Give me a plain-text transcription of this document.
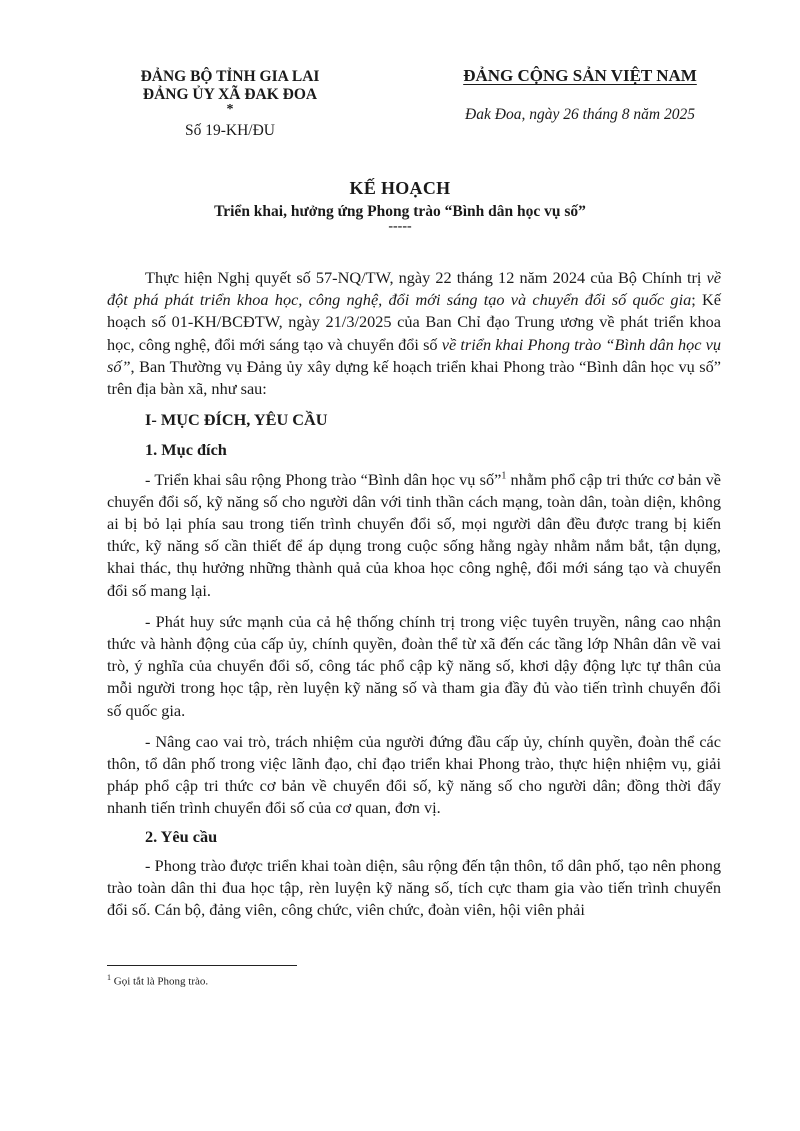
ĐẢNG BỘ TỈNH GIA LAI
ĐẢNG ỦY XÃ ĐAK ĐOA
*
Số 19-KH/ĐU
ĐẢNG CỘNG SẢN VIỆT NAM
Đak Đoa, ngày 26 tháng 8 năm 2025
KẾ HOẠCH
Triển khai, hưởng ứng Phong trào “Bình dân học vụ số”
-----

Thực hiện Nghị quyết số 57-NQ/TW, ngày 22 tháng 12 năm 2024 của Bộ Chính trị về đột phá phát triển khoa học, công nghệ, đổi mới sáng tạo và chuyển đổi số quốc gia; Kế hoạch số 01-KH/BCĐTW, ngày 21/3/2025 của Ban Chỉ đạo Trung ương về phát triển khoa học, công nghệ, đổi mới sáng tạo và chuyển đổi số về triển khai Phong trào “Bình dân học vụ số”, Ban Thường vụ Đảng ủy xây dựng kế hoạch triển khai Phong trào “Bình dân học vụ số” trên địa bàn xã, như sau:

I- MỤC ĐÍCH, YÊU CẦU
1. Mục đích

- Triển khai sâu rộng Phong trào “Bình dân học vụ số”$^1$ nhằm phổ cập tri thức cơ bản về chuyển đổi số, kỹ năng số cho người dân với tinh thần cách mạng, toàn dân, toàn diện, không ai bị bỏ lại phía sau trong tiến trình chuyển đổi số, mọi người dân đều được trang bị kiến thức, kỹ năng số cần thiết để áp dụng trong cuộc sống hằng ngày nhằm nắm bắt, tận dụng, khai thác, thụ hưởng những thành quả của khoa học công nghệ, đổi mới sáng tạo và chuyển đổi số mang lại.

- Phát huy sức mạnh của cả hệ thống chính trị trong việc tuyên truyền, nâng cao nhận thức và hành động của cấp ủy, chính quyền, đoàn thể từ xã đến các tầng lớp Nhân dân về vai trò, ý nghĩa của chuyển đổi số, công tác phổ cập kỹ năng số, khơi dậy động lực tự thân của mỗi người trong học tập, rèn luyện kỹ năng số và tham gia đầy đủ vào tiến trình chuyển đổi số quốc gia.

- Nâng cao vai trò, trách nhiệm của người đứng đầu cấp ủy, chính quyền, đoàn thể các thôn, tổ dân phố trong việc lãnh đạo, chỉ đạo triển khai Phong trào, thực hiện nhiệm vụ, giải pháp phổ cập tri thức cơ bản về chuyển đổi số, kỹ năng số cho người dân; đồng thời đẩy nhanh tiến trình chuyển đổi số của cơ quan, đơn vị.

2. Yêu cầu

- Phong trào được triển khai toàn diện, sâu rộng đến tận thôn, tổ dân phố, tạo nên phong trào toàn dân thi đua học tập, rèn luyện kỹ năng số, tích cực tham gia vào tiến trình chuyển đổi số. Cán bộ, đảng viên, công chức, viên chức, đoàn viên, hội viên phải

$^1$ Gọi tắt là Phong trào.
